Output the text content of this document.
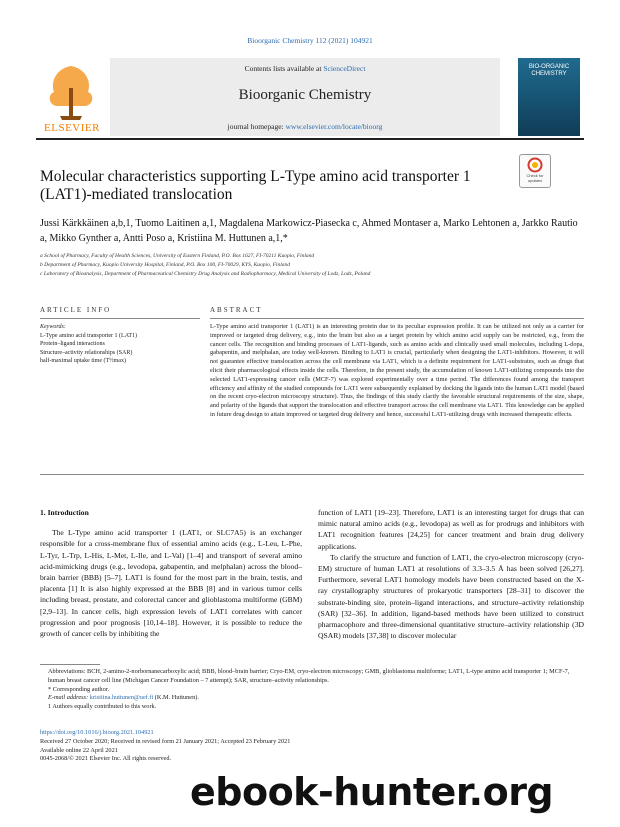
Bioorganic Chemistry 112 (2021) 104921
ELSEVIER
Contents lists available at ScienceDirect
Bioorganic Chemistry
journal homepage: www.elsevier.com/locate/bioorg
BIO-ORGANIC CHEMISTRY
Check for updates
Molecular characteristics supporting L-Type amino acid transporter 1 (LAT1)-mediated translocation
Jussi Kärkkäinen a,b,1, Tuomo Laitinen a,1, Magdalena Markowicz-Piasecka c, Ahmed Montaser a, Marko Lehtonen a, Jarkko Rautio a, Mikko Gynther a, Antti Poso a, Kristiina M. Huttunen a,1,*
a School of Pharmacy, Faculty of Health Sciences, University of Eastern Finland, P.O. Box 1627, FI-70211 Kuopio, Finland
b Department of Pharmacy, Kuopio University Hospital, Finland, P.O. Box 100, FI-70029, KYS, Kuopio, Finland
c Laboratory of Bioanalysis, Department of Pharmaceutical Chemistry Drug Analysis and Radiopharmacy, Medical University of Lodz, Lodz, Poland
ARTICLE INFO	ABSTRACT
Keywords:
L-Type amino acid transporter 1 (LAT1)
Protein–ligand interactions
Structure–activity relationships (SAR)
half-maximal uptake time (T½max)
L-Type amino acid transporter 1 (LAT1) is an interesting protein due to its peculiar expression profile. It can be utilized not only as a carrier for improved or targeted drug delivery, e.g., into the brain but also as a target protein by which amino acid supply can be restricted, e.g., from the cancer cells. The recognition and binding processes of LAT1-ligands, such as amino acids and clinically used small molecules, including L-dopa, gabapentin, and melphalan, are today well-known. Binding to LAT1 is crucial, particularly when designing the LAT1-inhibitors. However, it will not guarantee effective translocation across the cell membrane via LAT1, which is a definite requirement for LAT1-substrates, such as drugs that elicit their pharmacological effects inside the cells. Therefore, in the present study, the accumulation of known LAT1-utilizing compounds into the selected LAT1-expressing cancer cells (MCF-7) was explored experimentally over a time period. The differences found among the transport efficiency and affinity of the studied compounds for LAT1 were subsequently explained by docking the ligands into the human LAT1 model (based on the recent cryo-electron microscopy structure). Thus, the findings of this study clarify the favorable structural requirements of the size, shape, and polarity of the ligands that support the translocation and effective transport across the cell membrane via LAT1. This knowledge can be applied in future drug design to attain improved or targeted drug delivery and hence, successful LAT1-utilizing drugs with increased therapeutic effects.
1. Introduction

The L-Type amino acid transporter 1 (LAT1, or SLC7A5) is an exchanger responsible for a cross-membrane flux of essential amino acids (e.g., L-Leu, L-Phe, L-Tyr, L-Trp, L-His, L-Met, L-Ile, and L-Val) [1–4] and transport of several amino acid-mimicking drugs (e.g., levodopa, gabapentin, and melphalan) across the blood–brain barrier (BBB) [5–7]. LAT1 is found for the most part in the brain, testis, and placenta [1] It is also highly expressed at the BBB [8] and in various tumor cells including breast, prostate, and colorectal cancer and glioblastoma multiforme (GBM) [2,9–13]. In cancer cells, high expression levels of LAT1 correlates with cancer progression and poor prognosis [10,14–18]. However, it is possible to reduce the growth of cancer cells by inhibiting the

function of LAT1 [19–23]. Therefore, LAT1 is an interesting target for drugs that can mimic natural amino acids (e.g., levodopa) as well as for prodrugs and inhibitors with LAT1 recognition features [24,25] for cancer treatment and brain drug delivery applications.

To clarify the structure and function of LAT1, the cryo-electron microscopy (cryo-EM) structure of human LAT1 at resolutions of 3.3–3.5 Å has been solved [26,27]. Furthermore, several LAT1 homology models have been constructed based on the X-ray crystallography structures of prokaryotic transporters [28–31] to discover the substrate-binding site, protein–ligand interactions, and structure–activity relationship (SAR) [32–36]. In addition, ligand-based methods have been utilized to construct pharmacophore and three-dimensional quantitative structure–activity relationship (3D QSAR) models [37,38] to discover molecular

Abbreviations: BCH, 2-amino-2-norbornanecarboxylic acid; BBB, blood–brain barrier; Cryo-EM, cryo-electron microscopy; GMB, glioblastoma multiforme; LAT1, L-type amino acid transporter 1; MCF-7, human breast cancer cell line (Michigan Cancer Foundation – 7 attempt); SAR, structure–activity relationships.

* Corresponding author.

E-mail address: kristiina.huttunen@uef.fi (K.M. Huttunen).

1 Authors equally contributed to this work.

https://doi.org/10.1016/j.bioorg.2021.104921

Received 27 October 2020; Received in revised form 21 January 2021; Accepted 23 February 2021

Available online 22 April 2021

0045-2068/© 2021 Elsevier Inc. All rights reserved.

ebook-hunter.org
